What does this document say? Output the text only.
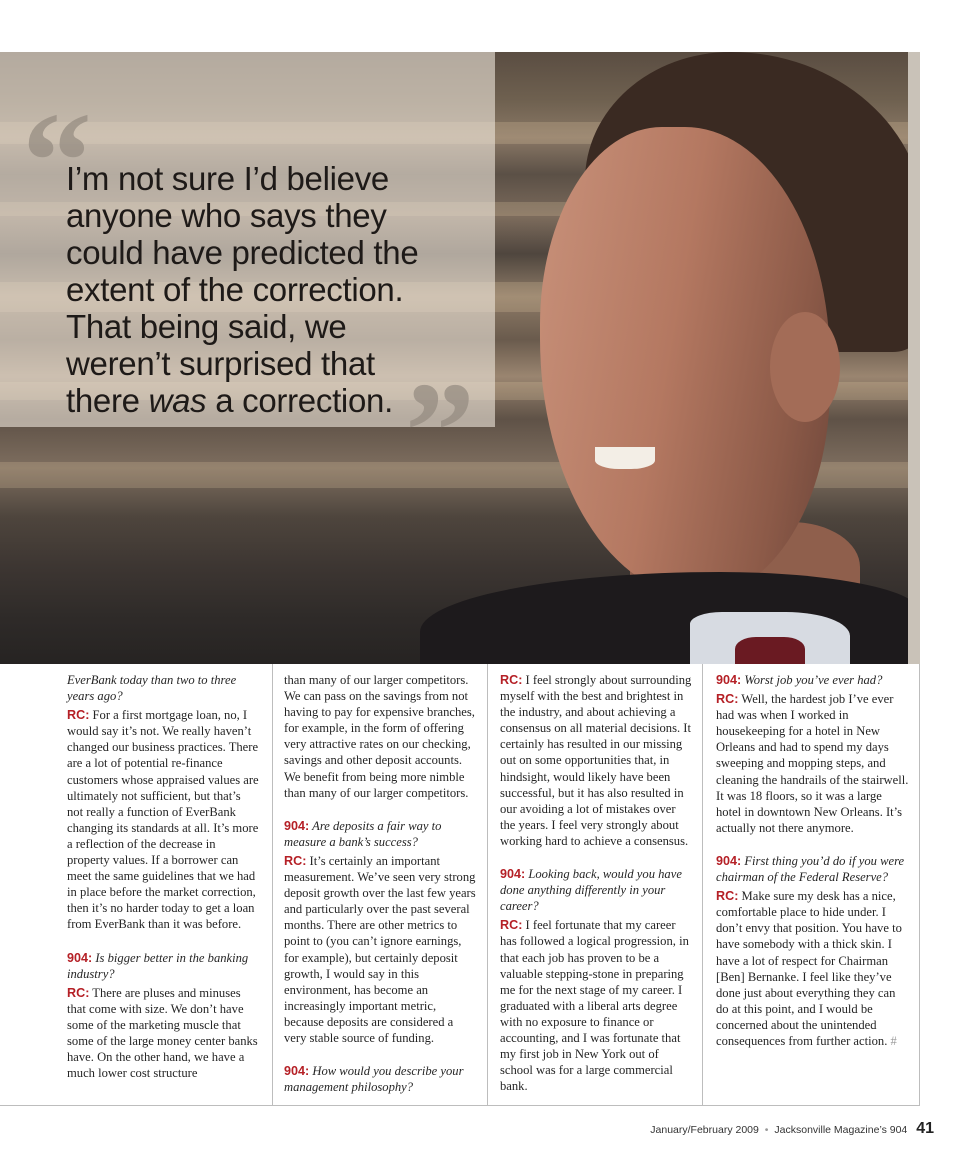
“
”
I’m not sure I’d believe
anyone who says they
could have predicted the
extent of the correction.
That being said, we
weren’t surprised that
there was a correction.

EverBank today than two to three years ago?

RC: For a first mortgage loan, no, I would say it’s not. We really haven’t changed our business practices. There are a lot of potential re-finance customers whose appraised values are ultimately not sufficient, but that’s not really a function of EverBank changing its standards at all. It’s more a reflection of the decrease in property values. If a borrower can meet the same guidelines that we had in place before the market correction, then it’s no harder today to get a loan from EverBank than it was before.

904: Is bigger better in the banking industry?

RC: There are pluses and minuses that come with size. We don’t have some of the marketing muscle that some of the large money center banks have. On the other hand, we have a much lower cost structure

than many of our larger competitors. We can pass on the savings from not having to pay for expensive branches, for example, in the form of offering very attractive rates on our checking, savings and other deposit accounts. We benefit from being more nimble than many of our larger competitors.

904: Are deposits a fair way to measure a bank’s success?

RC: It’s certainly an important measurement. We’ve seen very strong deposit growth over the last few years and particularly over the past several months. There are other metrics to point to (you can’t ignore earnings, for example), but certainly deposit growth, I would say in this environment, has become an increasingly important metric, because deposits are considered a very stable source of funding.

904: How would you describe your management philosophy?

RC: I feel strongly about surrounding myself with the best and brightest in the industry, and about achieving a consensus on all material decisions. It certainly has resulted in our missing out on some opportunities that, in hindsight, would likely have been successful, but it has also resulted in our avoiding a lot of mistakes over the years. I feel very strongly about working hard to achieve a consensus.

904: Looking back, would you have done anything differently in your career?

RC: I feel fortunate that my career has followed a logical progression, in that each job has proven to be a valuable stepping-stone in preparing me for the next stage of my career. I graduated with a liberal arts degree with no exposure to finance or accounting, and I was fortunate that my first job in New York out of school was for a large commercial bank.

904: Worst job you’ve ever had?

RC: Well, the hardest job I’ve ever had was when I worked in housekeeping for a hotel in New Orleans and had to spend my days sweeping and mopping steps, and cleaning the handrails of the stairwell. It was 18 floors, so it was a large hotel in downtown New Orleans. It’s actually not there anymore.

904: First thing you’d do if you were chairman of the Federal Reserve?

RC: Make sure my desk has a nice, comfortable place to hide under. I don’t envy that position. You have to have somebody with a thick skin. I have a lot of respect for Chairman [Ben] Bernanke. I feel like they’ve done just about everything they can do at this point, and I would be concerned about the unintended consequences from further action. #

January/February 2009 • Jacksonville Magazine’s 904 41
